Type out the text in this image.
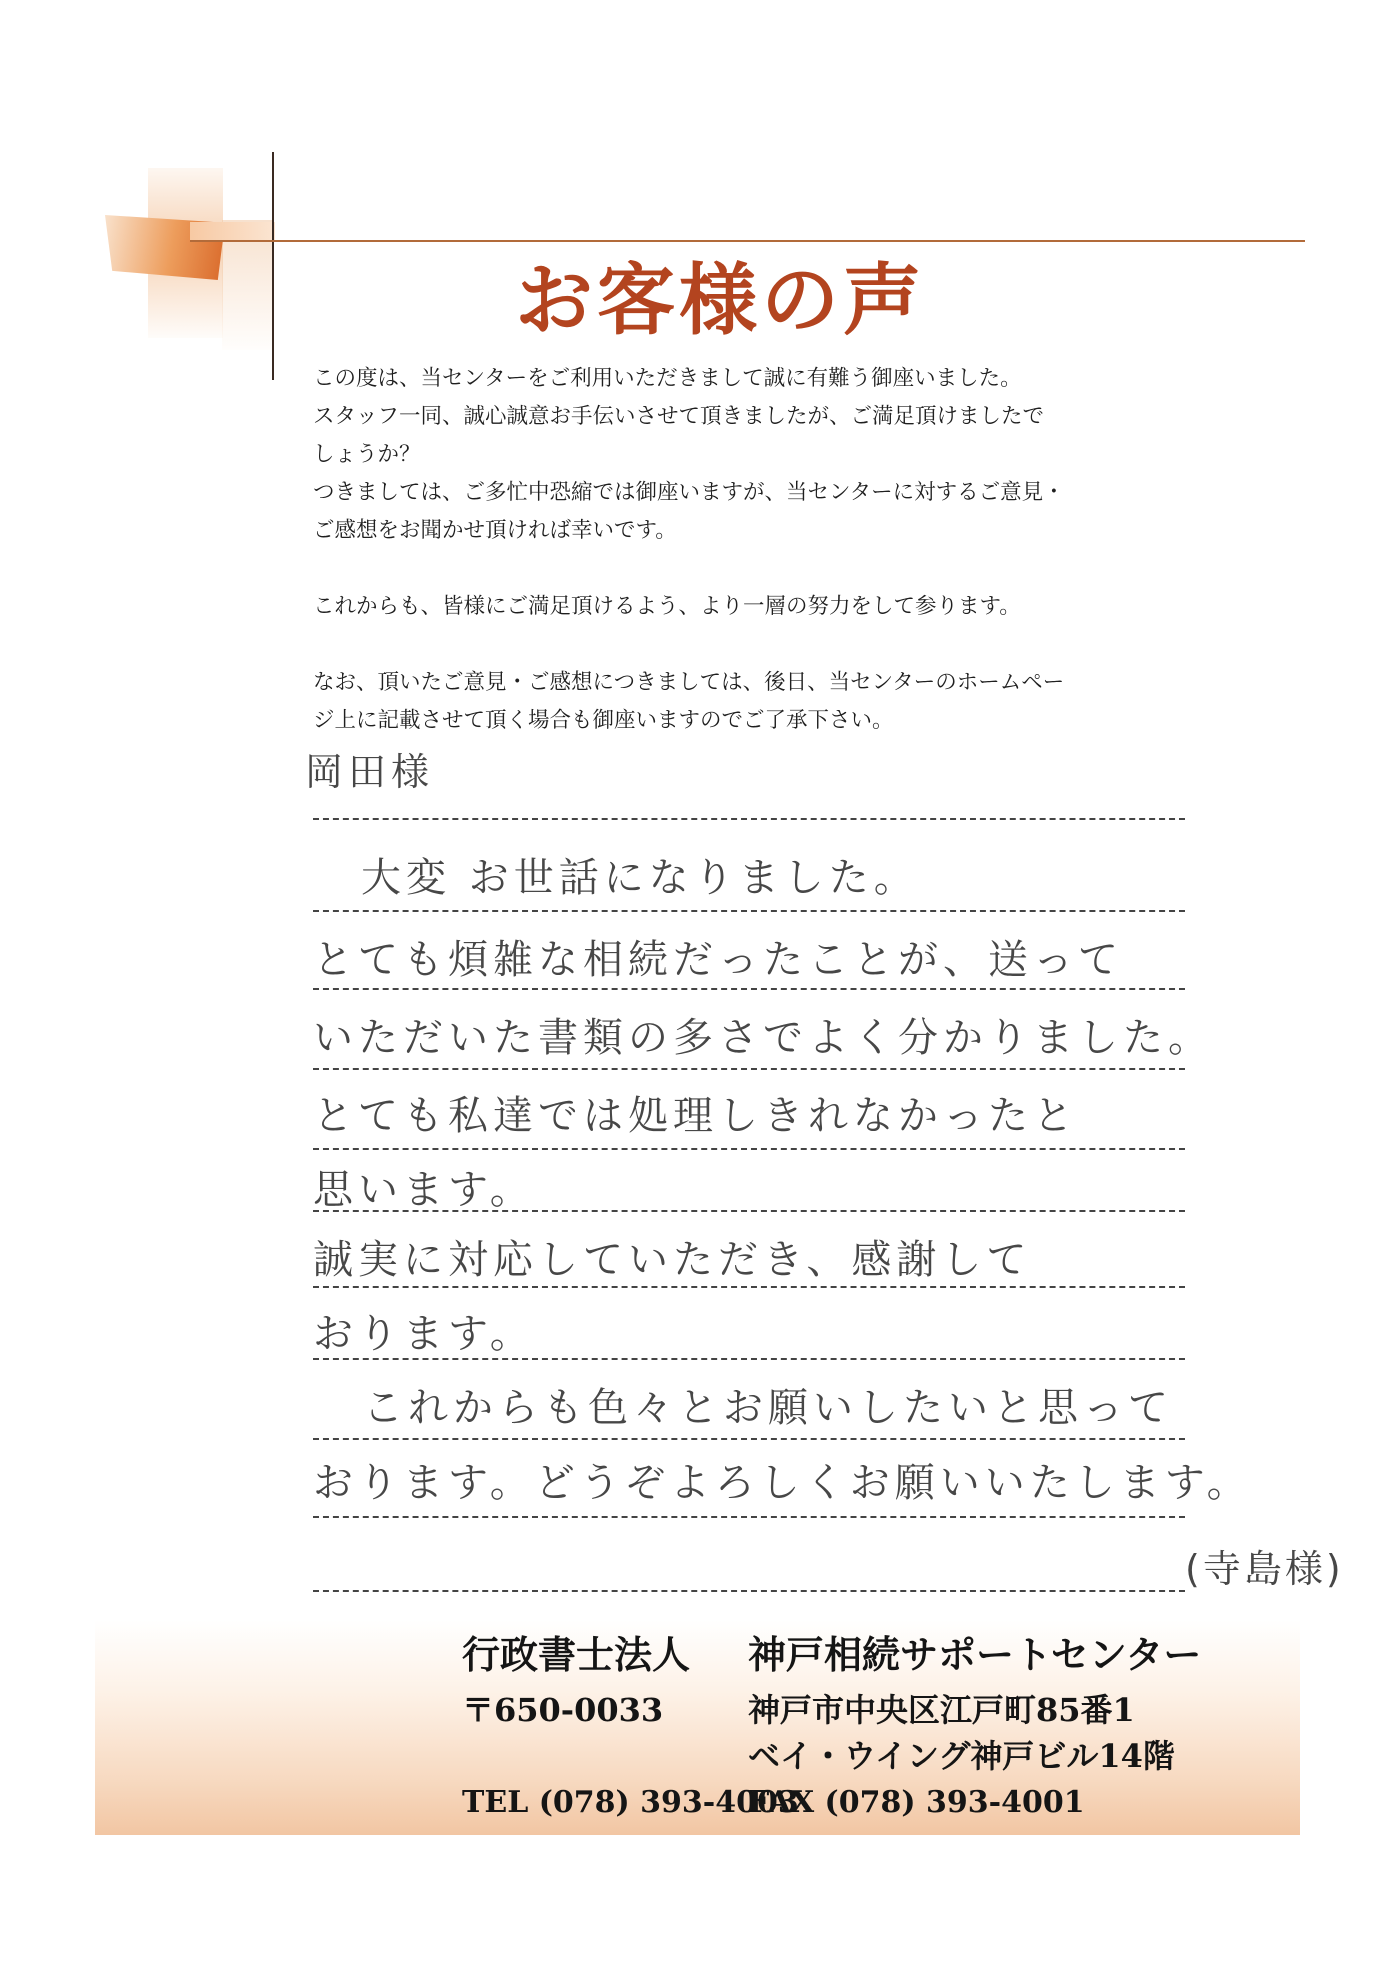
お客様の声

この度は、当センターをご利用いただきまして誠に有難う御座いました。

スタッフ一同、誠心誠意お手伝いさせて頂きましたが、ご満足頂けましたで

しょうか？

つきましては、ご多忙中恐縮では御座いますが、当センターに対するご意見・

ご感想をお聞かせ頂ければ幸いです。

これからも、皆様にご満足頂けるよう、より一層の努力をして参ります。

なお、頂いたご意見・ご感想につきましては、後日、当センターのホームペー

ジ上に記載させて頂く場合も御座いますのでご了承下さい。

岡田様
大変 お世話になりました。
とても煩雑な相続だったことが、送って
いただいた書類の多さでよく分かりました。
とても私達では処理しきれなかったと
思います。
誠実に対応していただき、感謝して
おります。
これからも色々とお願いしたいと思って
おります。どうぞよろしくお願いいたします。
(寺島様)
行政書士法人 神戸相続サポートセンター
〒650-0033	神戸市中央区江戸町85番1
ベイ・ウイング神戸ビル14階
TEL (078) 393-4003
FAX (078) 393-4001
